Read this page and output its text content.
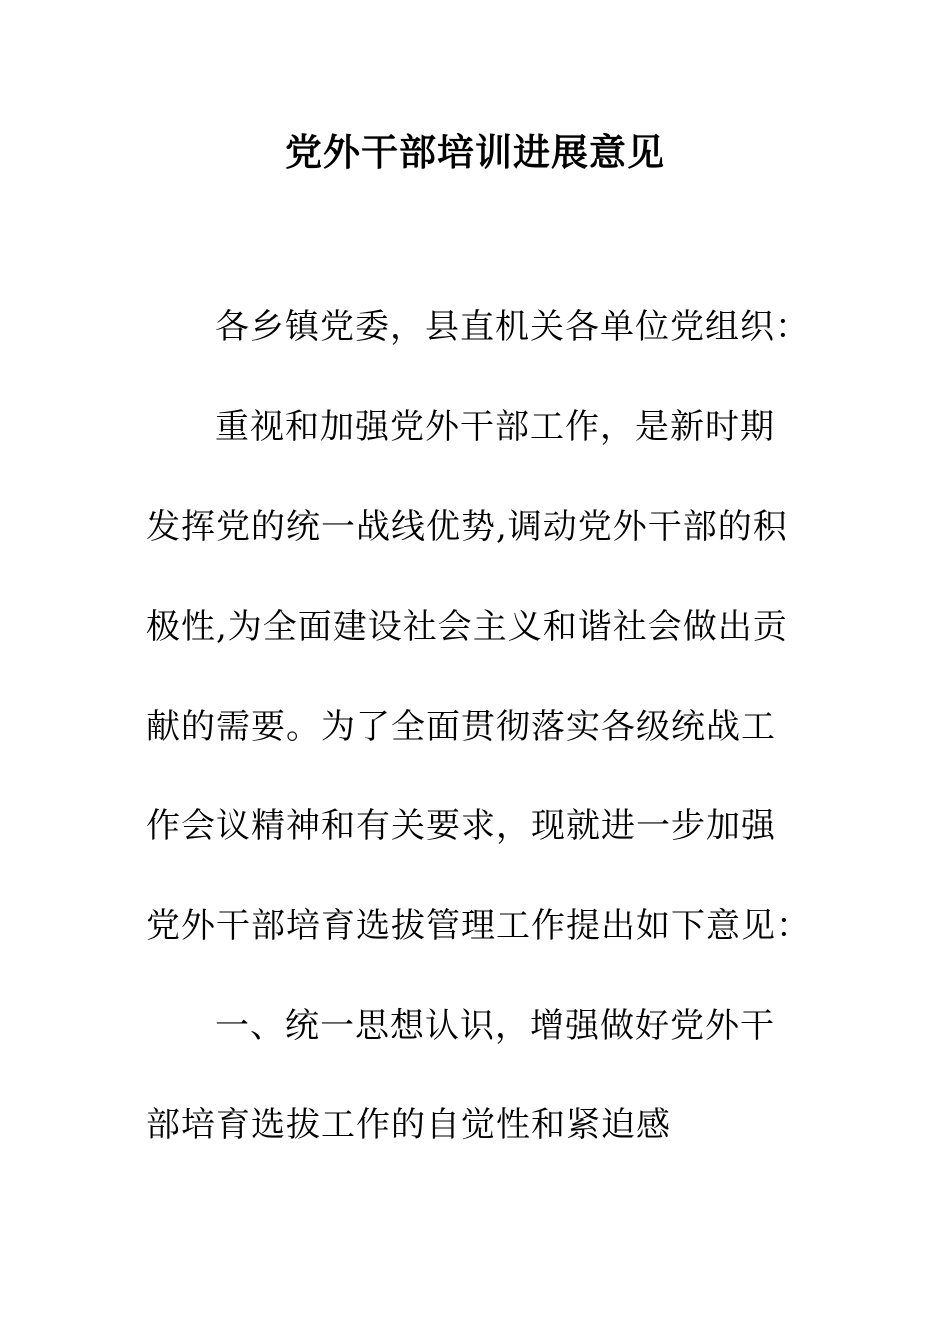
党外干部培训进展意见
各乡镇党委，县直机关各单位党组织：
重视和加强党外干部工作，是新时期
发挥党的统一战线优势,调动党外干部的积
极性,为全面建设社会主义和谐社会做出贡
献的需要。为了全面贯彻落实各级统战工
作会议精神和有关要求，现就进一步加强
党外干部培育选拔管理工作提出如下意见：
一、统一思想认识，增强做好党外干
部培育选拔工作的自觉性和紧迫感
